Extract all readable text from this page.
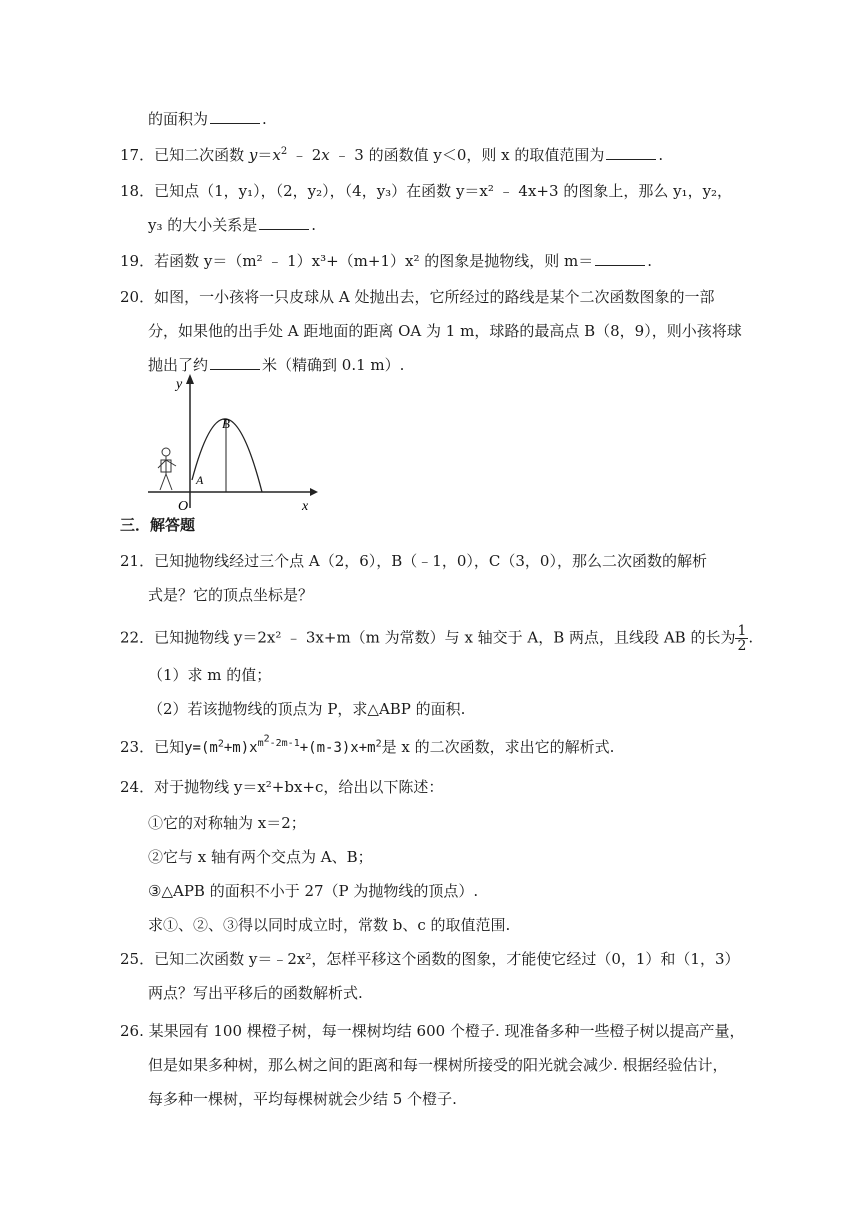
的面积为	.
17．已知二次函数 $y=x^2$ ﹣ 2x ﹣ 3 的函数值 y＜0，则 x 的取值范围为	.
18．已知点（1，y₁），（2，y₂），（4，y₃）在函数 y＝x² ﹣ 4x+3 的图象上，那么 y₁，y₂，
y₃ 的大小关系是	.
19．若函数 y＝（m² ﹣ 1）x³+（m+1）x² 的图象是抛物线，则 m＝	.
20．如图，一小孩将一只皮球从 A 处抛出去，它所经过的路线是某个二次函数图象的一部
分，如果他的出手处 A 距地面的距离 OA 为 1 m，球路的最高点 B（8，9），则小孩将球
抛出了约	米（精确到 0.1 m）.
y
x
O
A
B
三．解答题
21．已知抛物线经过三个点 A（2，6），B（﹣1，0），C（3，0），那么二次函数的解析
式是？它的顶点坐标是？
22．已知抛物线 y＝2x² ﹣ 3x+m（m 为常数）与 x 轴交于 A，B 两点，且线段 AB 的长为 $\frac{1}{2}$ .
（1）求 m 的值；
（2）若该抛物线的顶点为 P，求△ABP 的面积.
23．已知$y=(m^2+m)x^{m^2-2m-1}+(m-3)x+m^2$是 x 的二次函数，求出它的解析式.
24．对于抛物线 y＝x²+bx+c，给出以下陈述：
①它的对称轴为 x＝2；
②它与 x 轴有两个交点为 A、B；
③△APB 的面积不小于 27（P 为抛物线的顶点）.
求①、②、③得以同时成立时，常数 b、c 的取值范围.
25．已知二次函数 y＝﹣2x²，怎样平移这个函数的图象，才能使它经过（0，1）和（1，3）
两点？写出平移后的函数解析式.
26. 某果园有 100 棵橙子树，每一棵树均结 600 个橙子. 现准备多种一些橙子树以提高产量，
但是如果多种树，那么树之间的距离和每一棵树所接受的阳光就会减少. 根据经验估计，
每多种一棵树，平均每棵树就会少结 5 个橙子.
